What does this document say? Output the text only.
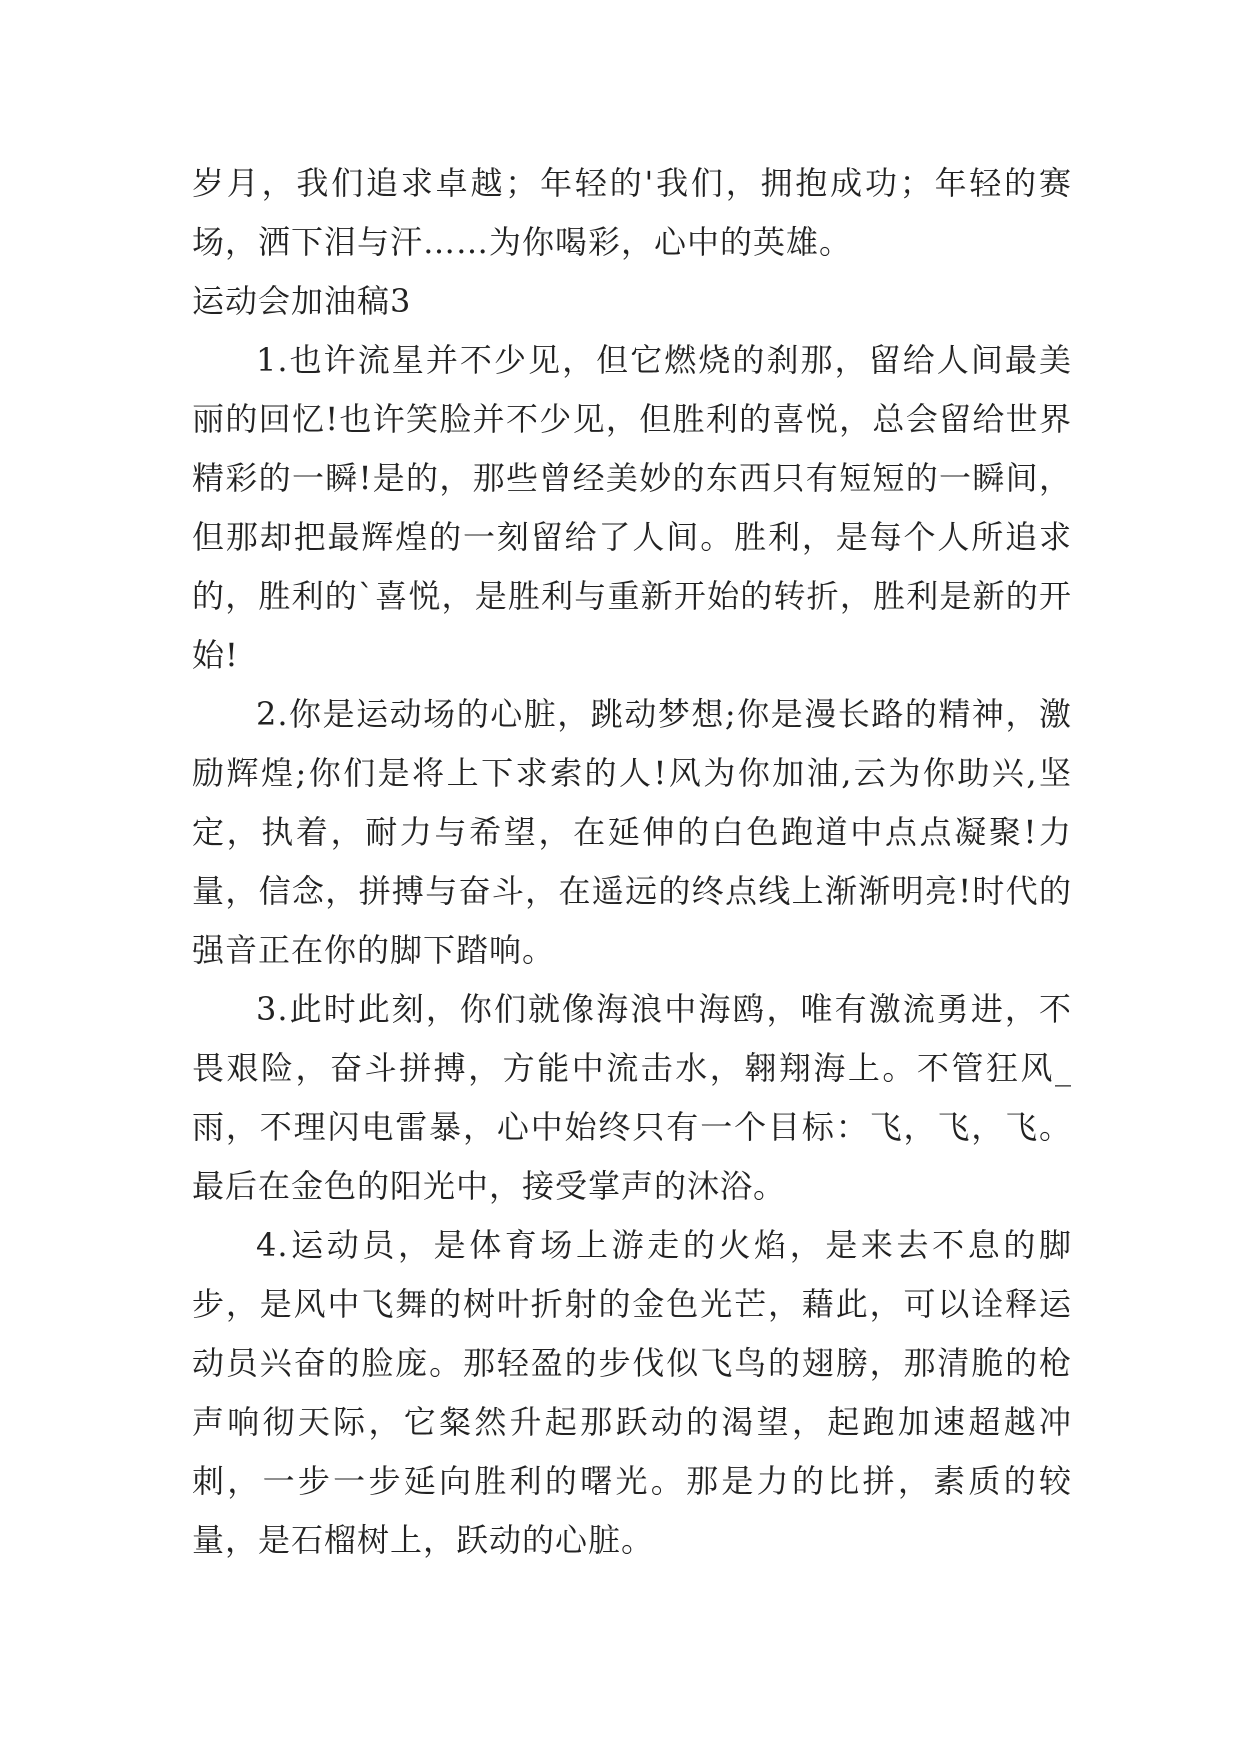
岁月，我们追求卓越；年轻的'我们，拥抱成功；年轻的赛场，洒下泪与汗……为你喝彩，心中的英雄。

运动会加油稿3

1.也许流星并不少见，但它燃烧的刹那，留给人间最美丽的回忆!也许笑脸并不少见，但胜利的喜悦，总会留给世界精彩的一瞬!是的，那些曾经美妙的东西只有短短的一瞬间，但那却把最辉煌的一刻留给了人间。胜利，是每个人所追求的，胜利的`喜悦，是胜利与重新开始的转折，胜利是新的开始!

2.你是运动场的心脏，跳动梦想;你是漫长路的精神，激励辉煌;你们是将上下求索的人!风为你加油,云为你助兴,坚定，执着，耐力与希望，在延伸的白色跑道中点点凝聚!力量，信念，拼搏与奋斗，在遥远的终点线上渐渐明亮!时代的强音正在你的脚下踏响。

3.此时此刻，你们就像海浪中海鸥，唯有激流勇进，不畏艰险，奋斗拼搏，方能中流击水，翱翔海上。不管狂风_雨，不理闪电雷暴，心中始终只有一个目标：飞，飞，飞。最后在金色的阳光中，接受掌声的沐浴。

4.运动员，是体育场上游走的火焰，是来去不息的脚步，是风中飞舞的树叶折射的金色光芒，藉此，可以诠释运动员兴奋的脸庞。那轻盈的步伐似飞鸟的翅膀，那清脆的枪声响彻天际，它粲然升起那跃动的渴望，起跑加速超越冲刺，一步一步延向胜利的曙光。那是力的比拼，素质的较量，是石榴树上，跃动的心脏。
